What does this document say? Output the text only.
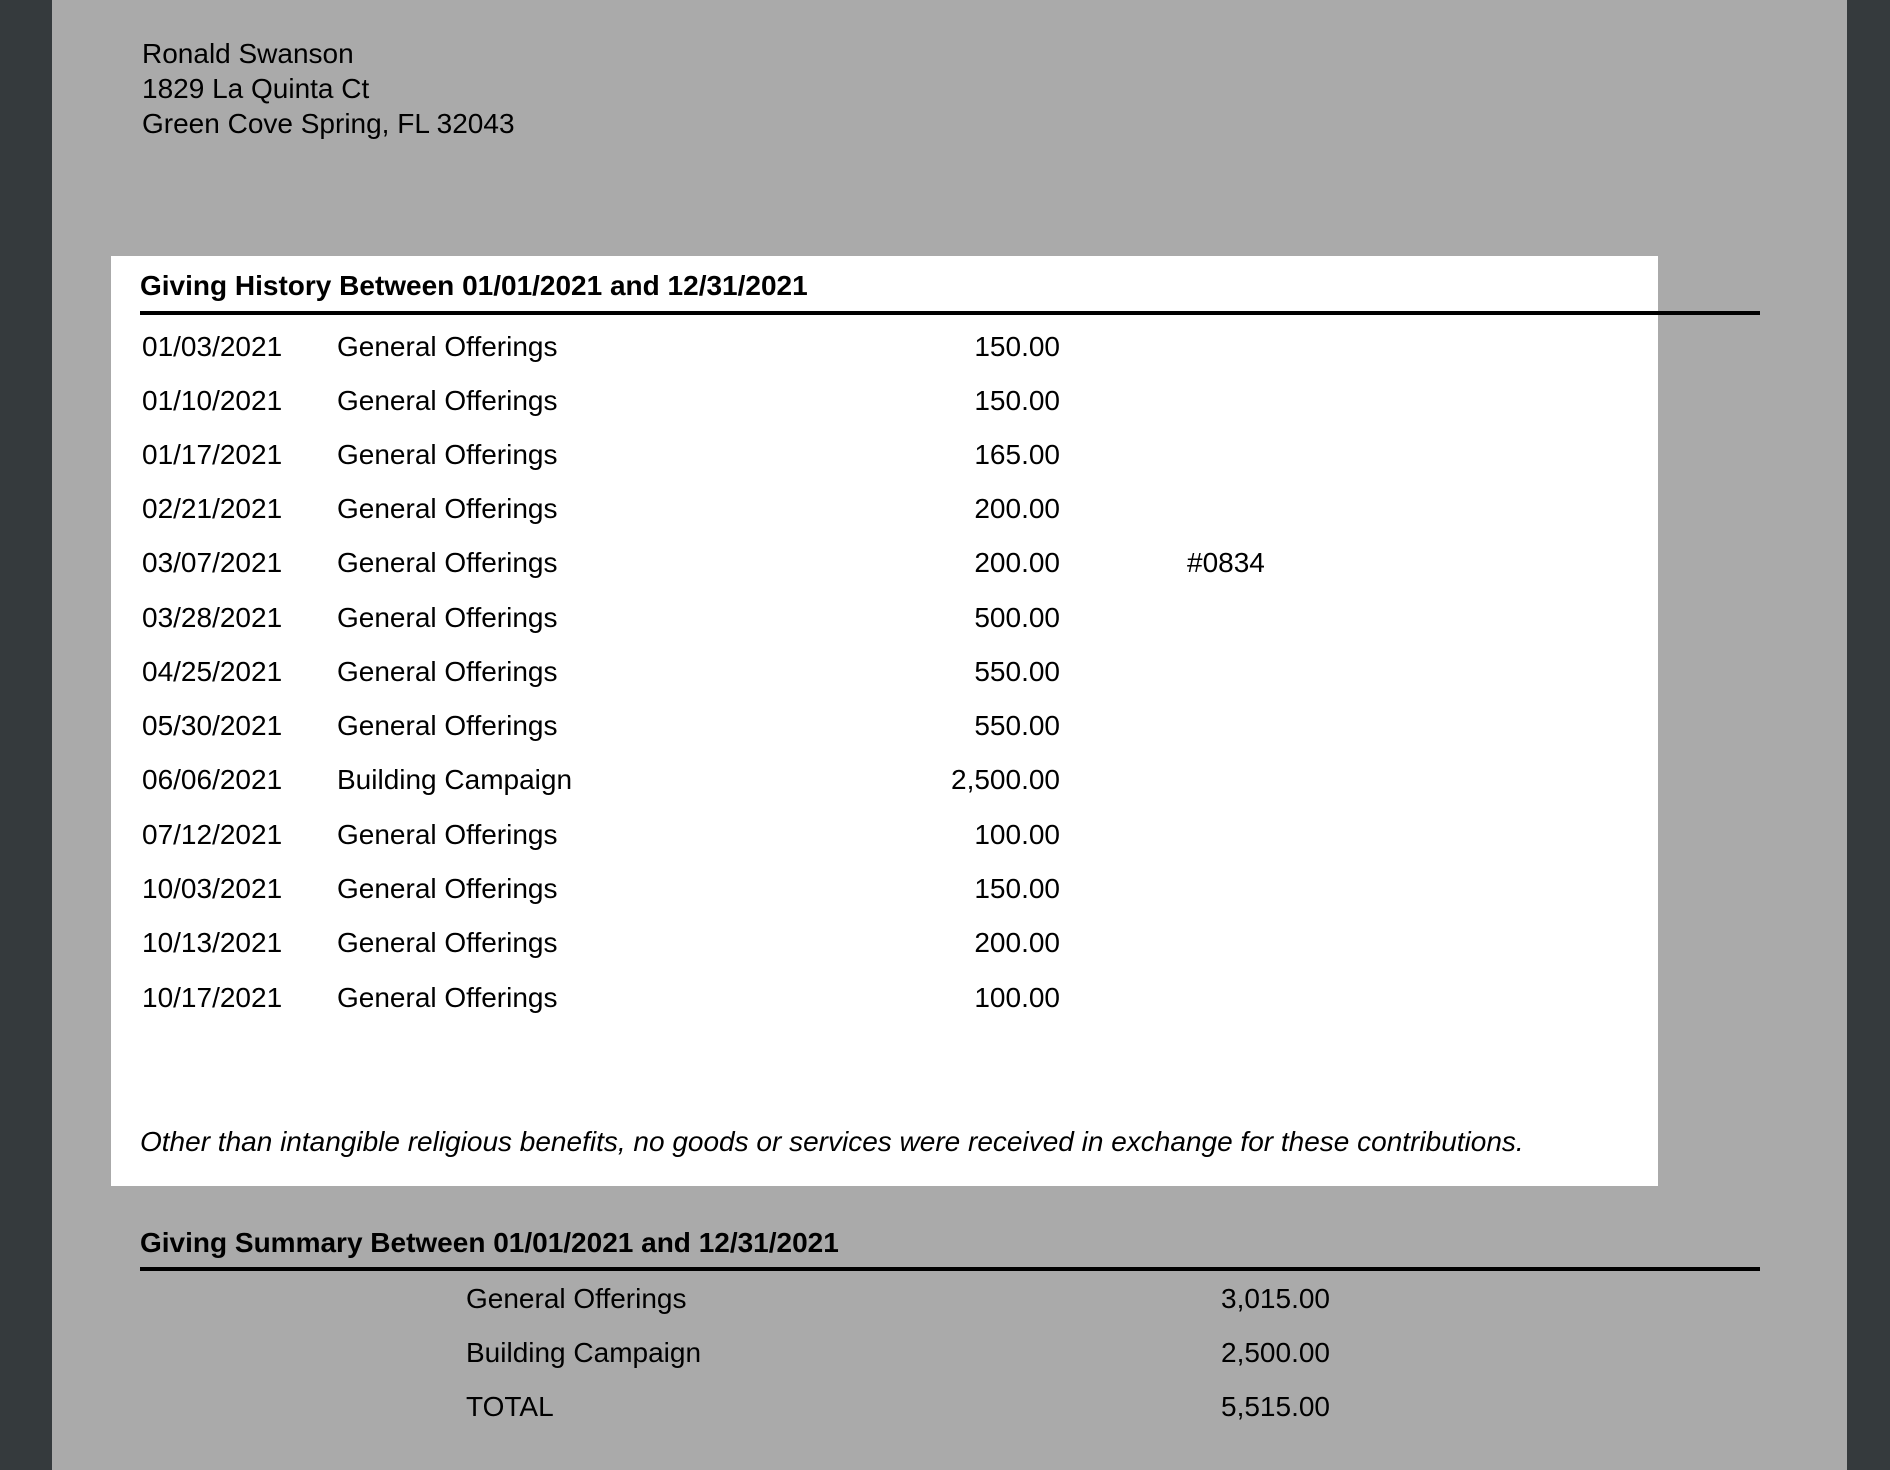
Ronald Swanson
1829 La Quinta Ct
Green Cove Spring, FL 32043
Giving History Between 01/01/2021 and 12/31/2021
01/03/2021 General Offerings	150.00
01/10/2021 General Offerings	150.00
01/17/2021 General Offerings	165.00
02/21/2021 General Offerings	200.00
03/07/2021 General Offerings	200.00	#0834
03/28/2021 General Offerings	500.00
04/25/2021 General Offerings	550.00
05/30/2021 General Offerings	550.00
06/06/2021 Building Campaign	2,500.00
07/12/2021 General Offerings	100.00
10/03/2021 General Offerings	150.00
10/13/2021 General Offerings	200.00
10/17/2021 General Offerings	100.00
Other than intangible religious benefits, no goods or services were received in exchange for these contributions.
Giving Summary Between 01/01/2021 and 12/31/2021
General Offerings	3,015.00
Building Campaign	2,500.00
TOTAL	5,515.00
